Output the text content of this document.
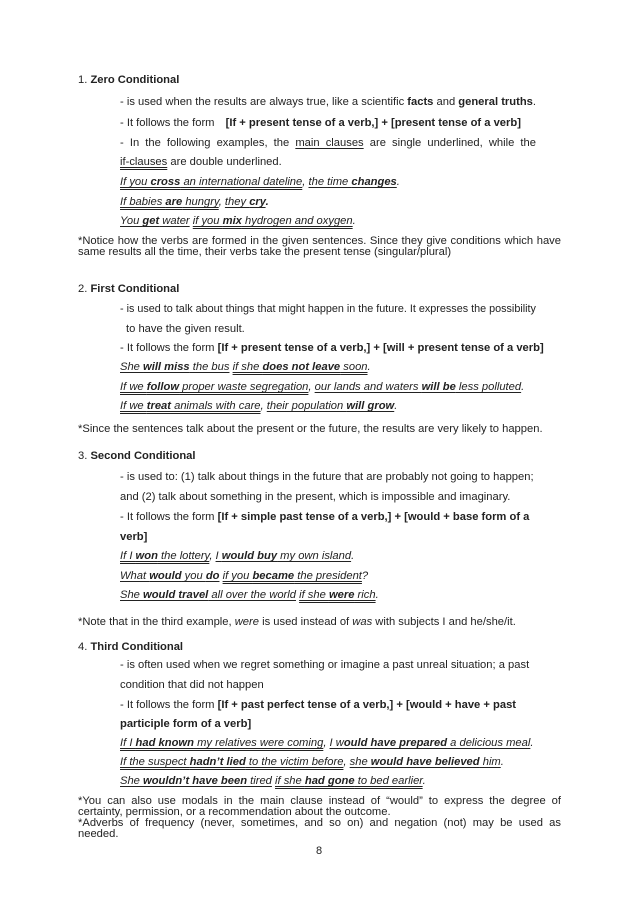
1. Zero Conditional
- is used when the results are always true, like a scientific facts and general truths.
- It follows the form [If + present tense of a verb,] + [present tense of a verb]
- In the following examples, the main clauses are single underlined, while the
if-clauses are double underlined.
If you cross an international dateline, the time changes.
If babies are hungry, they cry.
You get water if you mix hydrogen and oxygen.
*Notice how the verbs are formed in the given sentences. Since they give conditions which have same results all the time, their verbs take the present tense (singular/plural)
2. First Conditional
- is used to talk about things that might happen in the future. It expresses the possibility
to have the given result.
- It follows the form [If + present tense of a verb,] + [will + present tense of a verb]
She will miss the bus if she does not leave soon.
If we follow proper waste segregation, our lands and waters will be less polluted.
If we treat animals with care, their population will grow.
*Since the sentences talk about the present or the future, the results are very likely to happen.
3. Second Conditional
- is used to: (1) talk about things in the future that are probably not going to happen;
and (2) talk about something in the present, which is impossible and imaginary.
- It follows the form [If + simple past tense of a verb,] + [would + base form of a
verb]
If I won the lottery, I would buy my own island.
What would you do if you became the president?
She would travel all over the world if she were rich.
*Note that in the third example, were is used instead of was with subjects I and he/she/it.
4. Third Conditional
- is often used when we regret something or imagine a past unreal situation; a past
condition that did not happen
- It follows the form [If + past perfect tense of a verb,] + [would + have + past
participle form of a verb]
If I had known my relatives were coming, I would have prepared a delicious meal.
If the suspect hadn’t lied to the victim before, she would have believed him.
She wouldn’t have been tired if she had gone to bed earlier.
*You can also use modals in the main clause instead of “would” to express the degree of certainty, permission, or a recommendation about the outcome.
*Adverbs of frequency (never, sometimes, and so on) and negation (not) may be used as needed.
8
